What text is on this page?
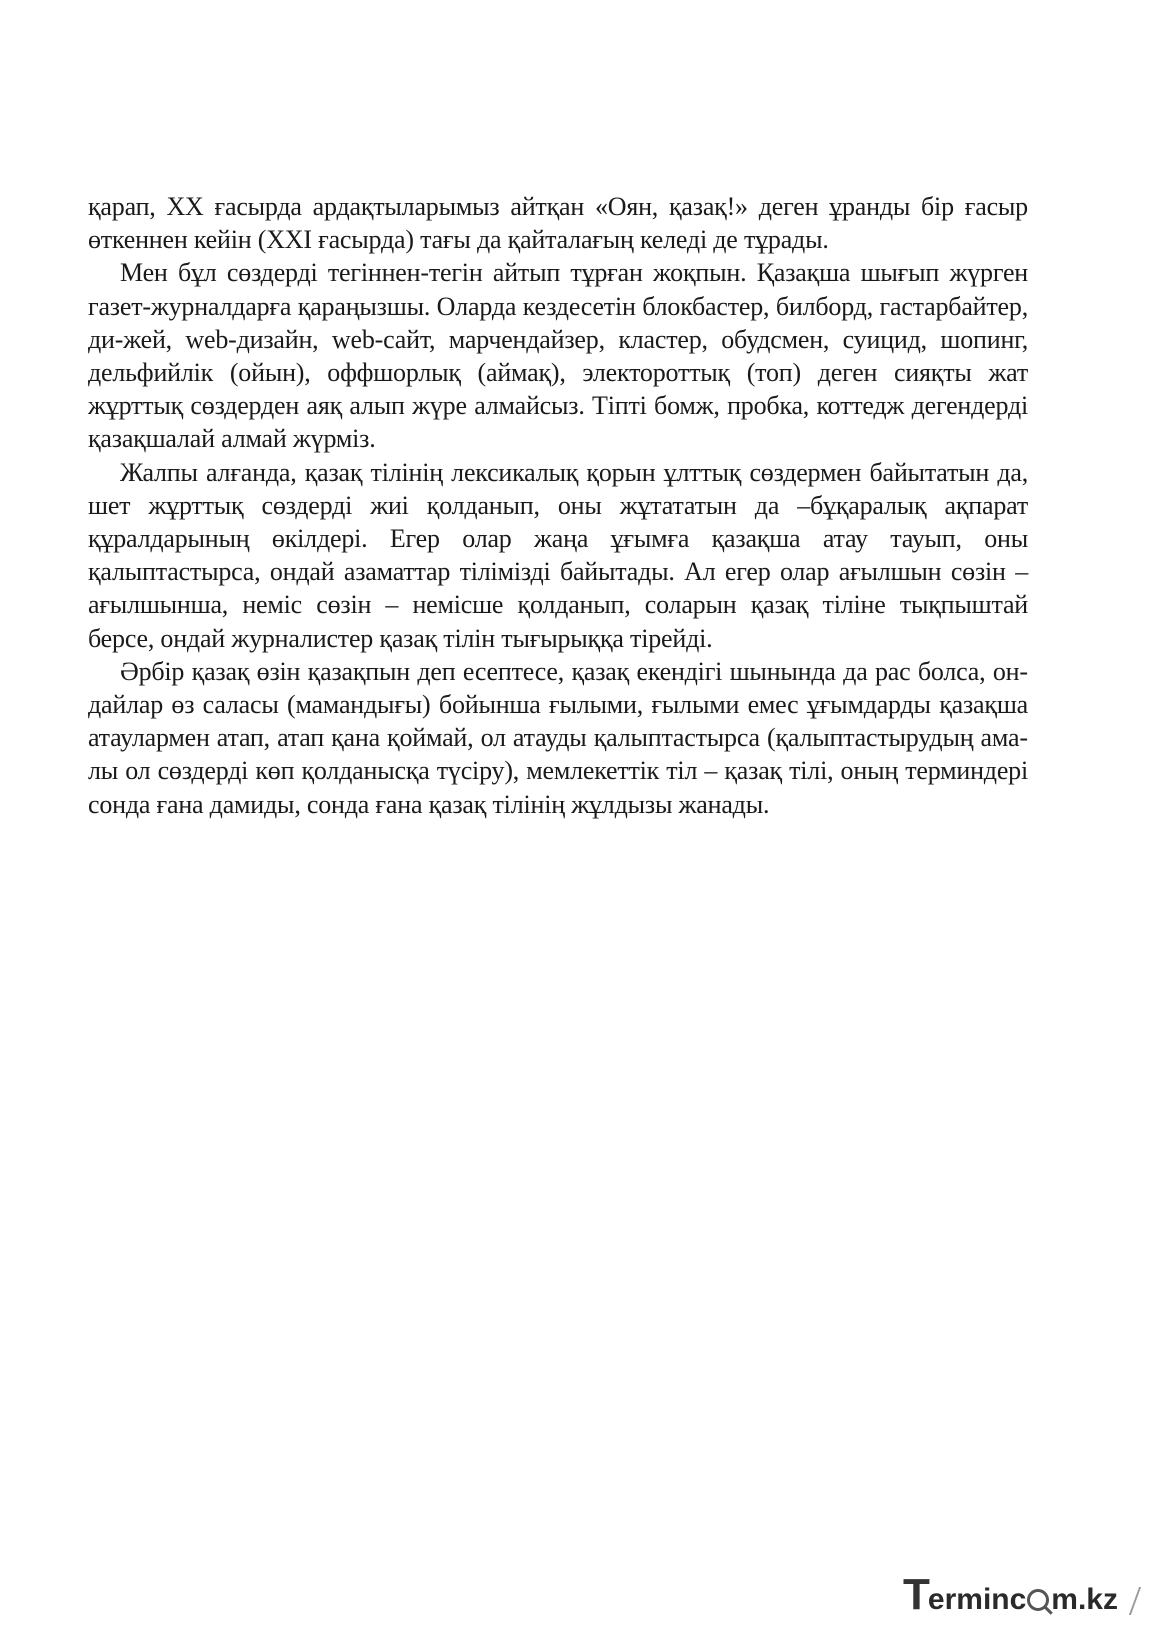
қарап, ХХ ғасырда ардақтыларымыз айтқан «Оян, қазақ!» деген ұранды бір ғасыр өткеннен кейін (ХХІ ғасырда) тағы да қайталағың келеді де тұрады.

Мен бұл сөздерді тегіннен-тегін айтып тұрған жоқпын. Қазақша шығып жүрген газет-журналдарға қараңызшы. Оларда кездесетін блокбастер, билборд, гастарбайтер, ди-жей, web-дизайн, web-сайт, марчендайзер, кластер, обудсмен, суицид, шопинг, дельфийлік (ойын), оффшорлық (аймақ), электороттық (топ) деген сияқты жат жұрттық сөздерден аяқ алып жүре алмайсыз. Тіпті бомж, пробка, коттедж дегендерді қазақшалай алмай жүрміз.

Жалпы алғанда, қазақ тілінің лексикалық қорын ұлттық сөздермен байытатын да, шет жұрттық сөздерді жиі қолданып, оны жұтататын да –бұқаралық ақпарат құралдарының өкілдері. Егер олар жаңа ұғымға қазақша атау тауып, оны қалыптастырса, ондай азаматтар тілімізді байытады. Ал егер олар ағылшын сөзін – ағылшынша, неміс сөзін – немісше қолданып, соларын қазақ тіліне тықпыштай берсе, ондай журналистер қазақ тілін тығырыққа тірейді.

Әрбір қазақ өзін қазақпын деп есептесе, қазақ екендігі шынында да рас болса, ондайлар өз саласы (мамандығы) бойынша ғылыми, ғылыми емес ұғымдарды қазақша атаулармен атап, атап қана қоймай, ол атауды қалыптастырса (қалыптастырудың амалы ол сөздерді көп қолданысқа түсіру), мемлекеттік тіл – қазақ тілі, оның терминдері сонда ғана дамиды, сонда ғана қазақ тілінің жұлдызы жанады.

T erminc m.kz
